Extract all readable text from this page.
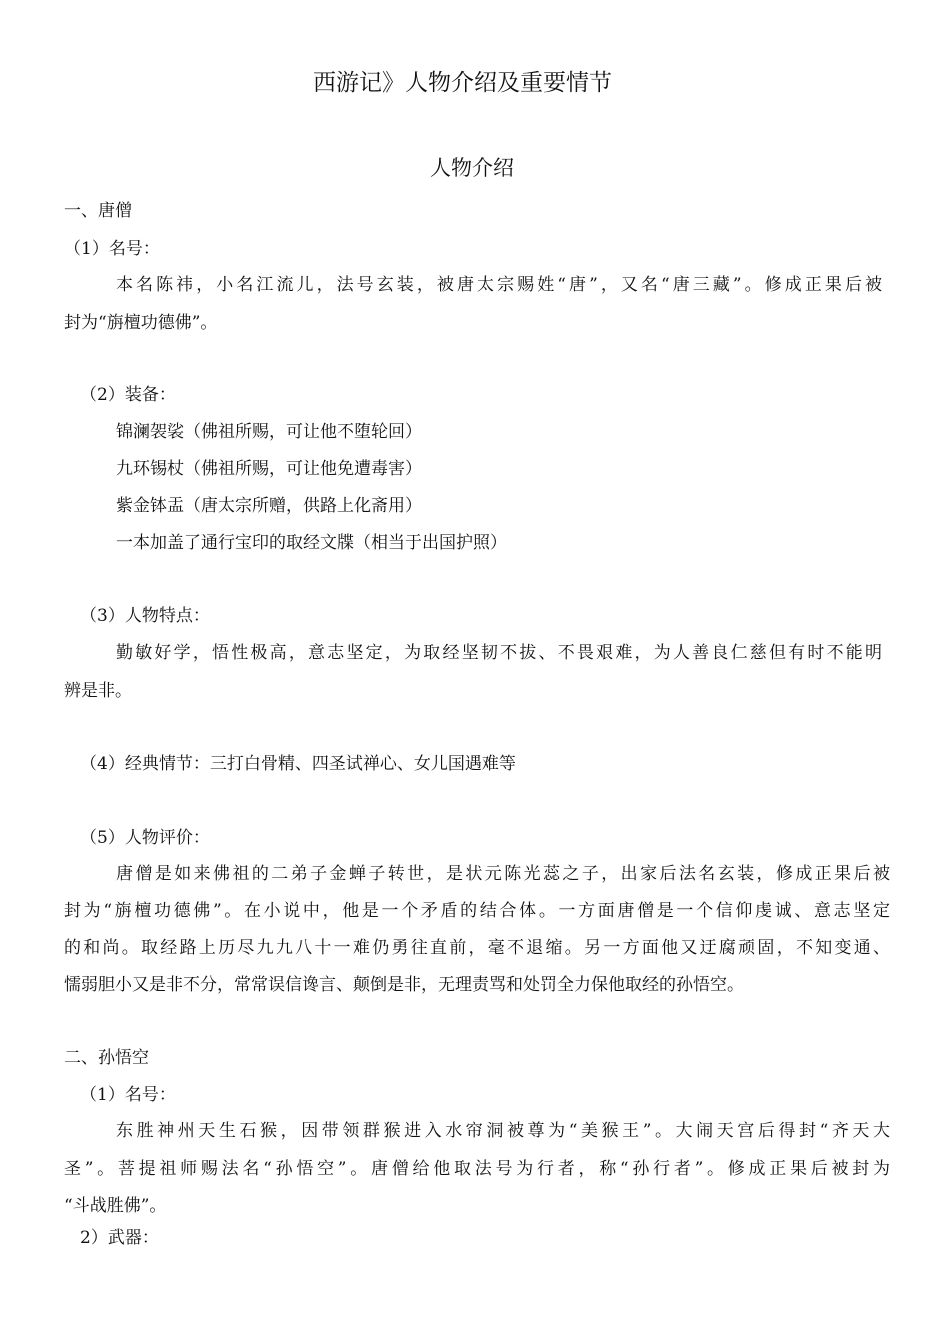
西游记》人物介绍及重要情节
人物介绍
一、唐僧
（1）名号：
本名陈祎，小名江流儿，法号玄装，被唐太宗赐姓“唐”，又名“唐三藏”。修成正果后被
封为“旃檀功德佛”。
（2）装备：
锦澜袈裟（佛祖所赐，可让他不堕轮回）
九环锡杖（佛祖所赐，可让他免遭毒害）
紫金钵盂（唐太宗所赠，供路上化斋用）
一本加盖了通行宝印的取经文牒（相当于出国护照）
（3）人物特点：
勤敏好学，悟性极高，意志坚定，为取经坚韧不拔、不畏艰难，为人善良仁慈但有时不能明
辨是非。
（4）经典情节：三打白骨精、四圣试禅心、女儿国遇难等
（5）人物评价：
唐僧是如来佛祖的二弟子金蝉子转世，是状元陈光蕊之子，出家后法名玄装，修成正果后被
封为“旃檀功德佛”。在小说中，他是一个矛盾的结合体。一方面唐僧是一个信仰虔诚、意志坚定
的和尚。取经路上历尽九九八十一难仍勇往直前，毫不退缩。另一方面他又迂腐顽固，不知变通、
懦弱胆小又是非不分，常常误信谗言、颠倒是非，无理责骂和处罚全力保他取经的孙悟空。
二、孙悟空
（1）名号：
东胜神州天生石猴，因带领群猴进入水帘洞被尊为“美猴王”。大闹天宫后得封“齐天大
圣”。菩提祖师赐法名“孙悟空”。唐僧给他取法号为行者，称“孙行者”。修成正果后被封为
“斗战胜佛”。
2）武器：
